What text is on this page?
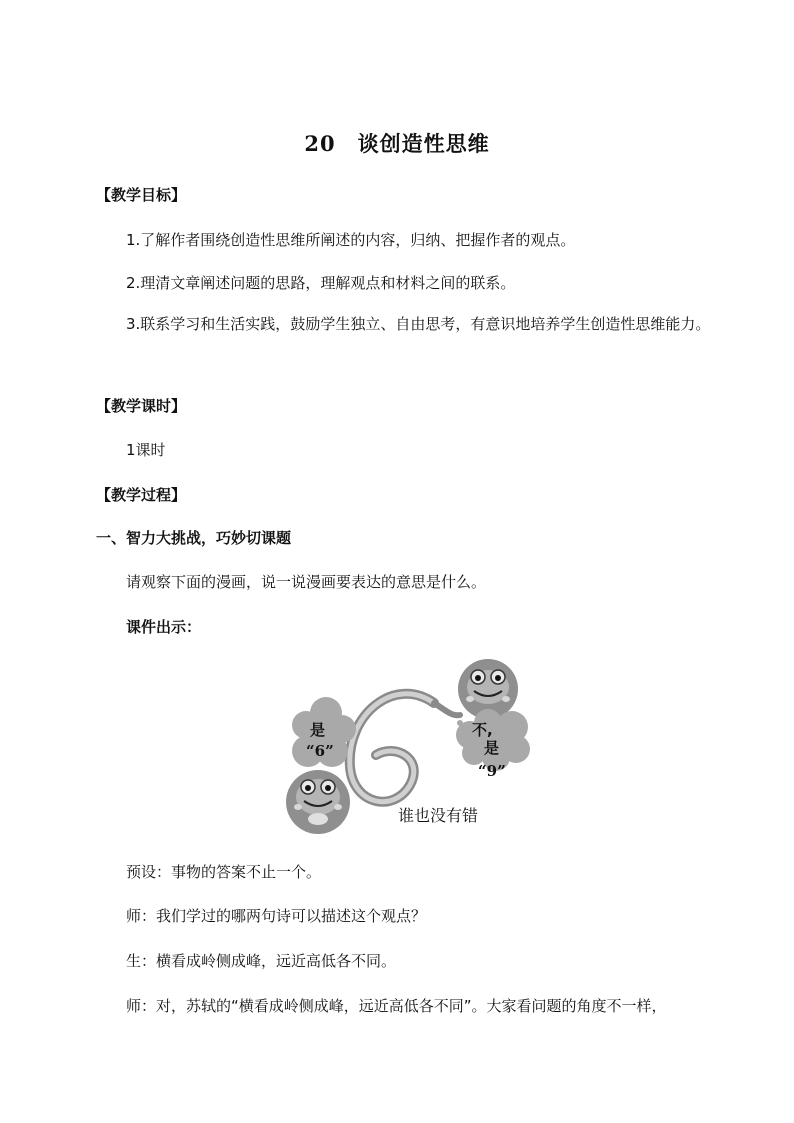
20 谈创造性思维
【教学目标】
1.了解作者围绕创造性思维所阐述的内容，归纳、把握作者的观点。
2.理清文章阐述问题的思路，理解观点和材料之间的联系。
3.联系学习和生活实践，鼓励学生独立、自由思考，有意识地培养学生创造性思维能力。
【教学课时】
1课时
【教学过程】
一、智力大挑战，巧妙切课题
请观察下面的漫画，说一说漫画要表达的意思是什么。
课件出示：
是
“6”
不,
是
“9”
谁也没有错
预设：事物的答案不止一个。
师：我们学过的哪两句诗可以描述这个观点？
生：横看成岭侧成峰，远近高低各不同。
师：对，苏轼的“横看成岭侧成峰，远近高低各不同”。大家看问题的角度不一样，
